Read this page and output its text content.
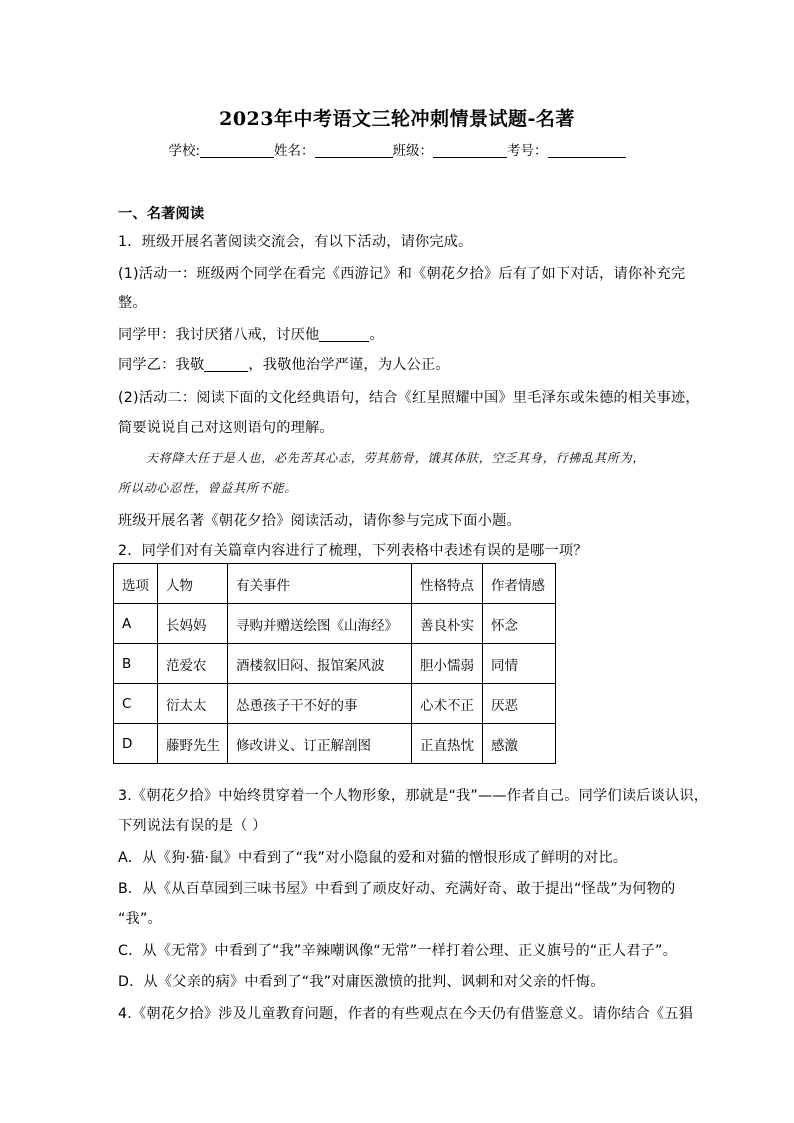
2023年中考语文三轮冲刺情景试题-名著
学校:	姓名：	班级：	考号：
一、名著阅读
1．班级开展名著阅读交流会，有以下活动，请你完成。
(1)活动一：班级两个同学在看完《西游记》和《朝花夕拾》后有了如下对话，请你补充完
整。
同学甲：我讨厌猪八戒，讨厌他	。
同学乙：我敬	，我敬他治学严谨，为人公正。
(2)活动二：阅读下面的文化经典语句，结合《红星照耀中国》里毛泽东或朱德的相关事迹，
简要说说自己对这则语句的理解。
天将降大任于是人也，必先苦其心志，劳其筋骨，饿其体肤，空乏其身，行拂乱其所为，
所以动心忍性，曾益其所不能。
班级开展名著《朝花夕拾》阅读活动，请你参与完成下面小题。
2．同学们对有关篇章内容进行了梳理，下列表格中表述有误的是哪一项？
选项	人物	有关事件	性格特点	作者情感
A	长妈妈	寻购并赠送绘图《山海经》	善良朴实	怀念
B	范爱农	酒楼叙旧闷、报馆案风波	胆小懦弱	同情
C	衍太太	怂恿孩子干不好的事	心术不正	厌恶
D	藤野先生	修改讲义、订正解剖图	正直热忱	感激
3.《朝花夕拾》中始终贯穿着一个人物形象，那就是“我”——作者自己。同学们读后谈认识，
下列说法有误的是（ ）
A．从《狗·猫·鼠》中看到了“我”对小隐鼠的爱和对猫的憎恨形成了鲜明的对比。
B．从《从百草园到三味书屋》中看到了顽皮好动、充满好奇、敢于提出“怪哉”为何物的
“我”。
C．从《无常》中看到了“我”辛辣嘲讽像“无常”一样打着公理、正义旗号的“正人君子”。
D．从《父亲的病》中看到了“我”对庸医激愤的批判、讽刺和对父亲的忏悔。
4.《朝花夕拾》涉及儿童教育问题，作者的有些观点在今天仍有借鉴意义。请你结合《五猖
